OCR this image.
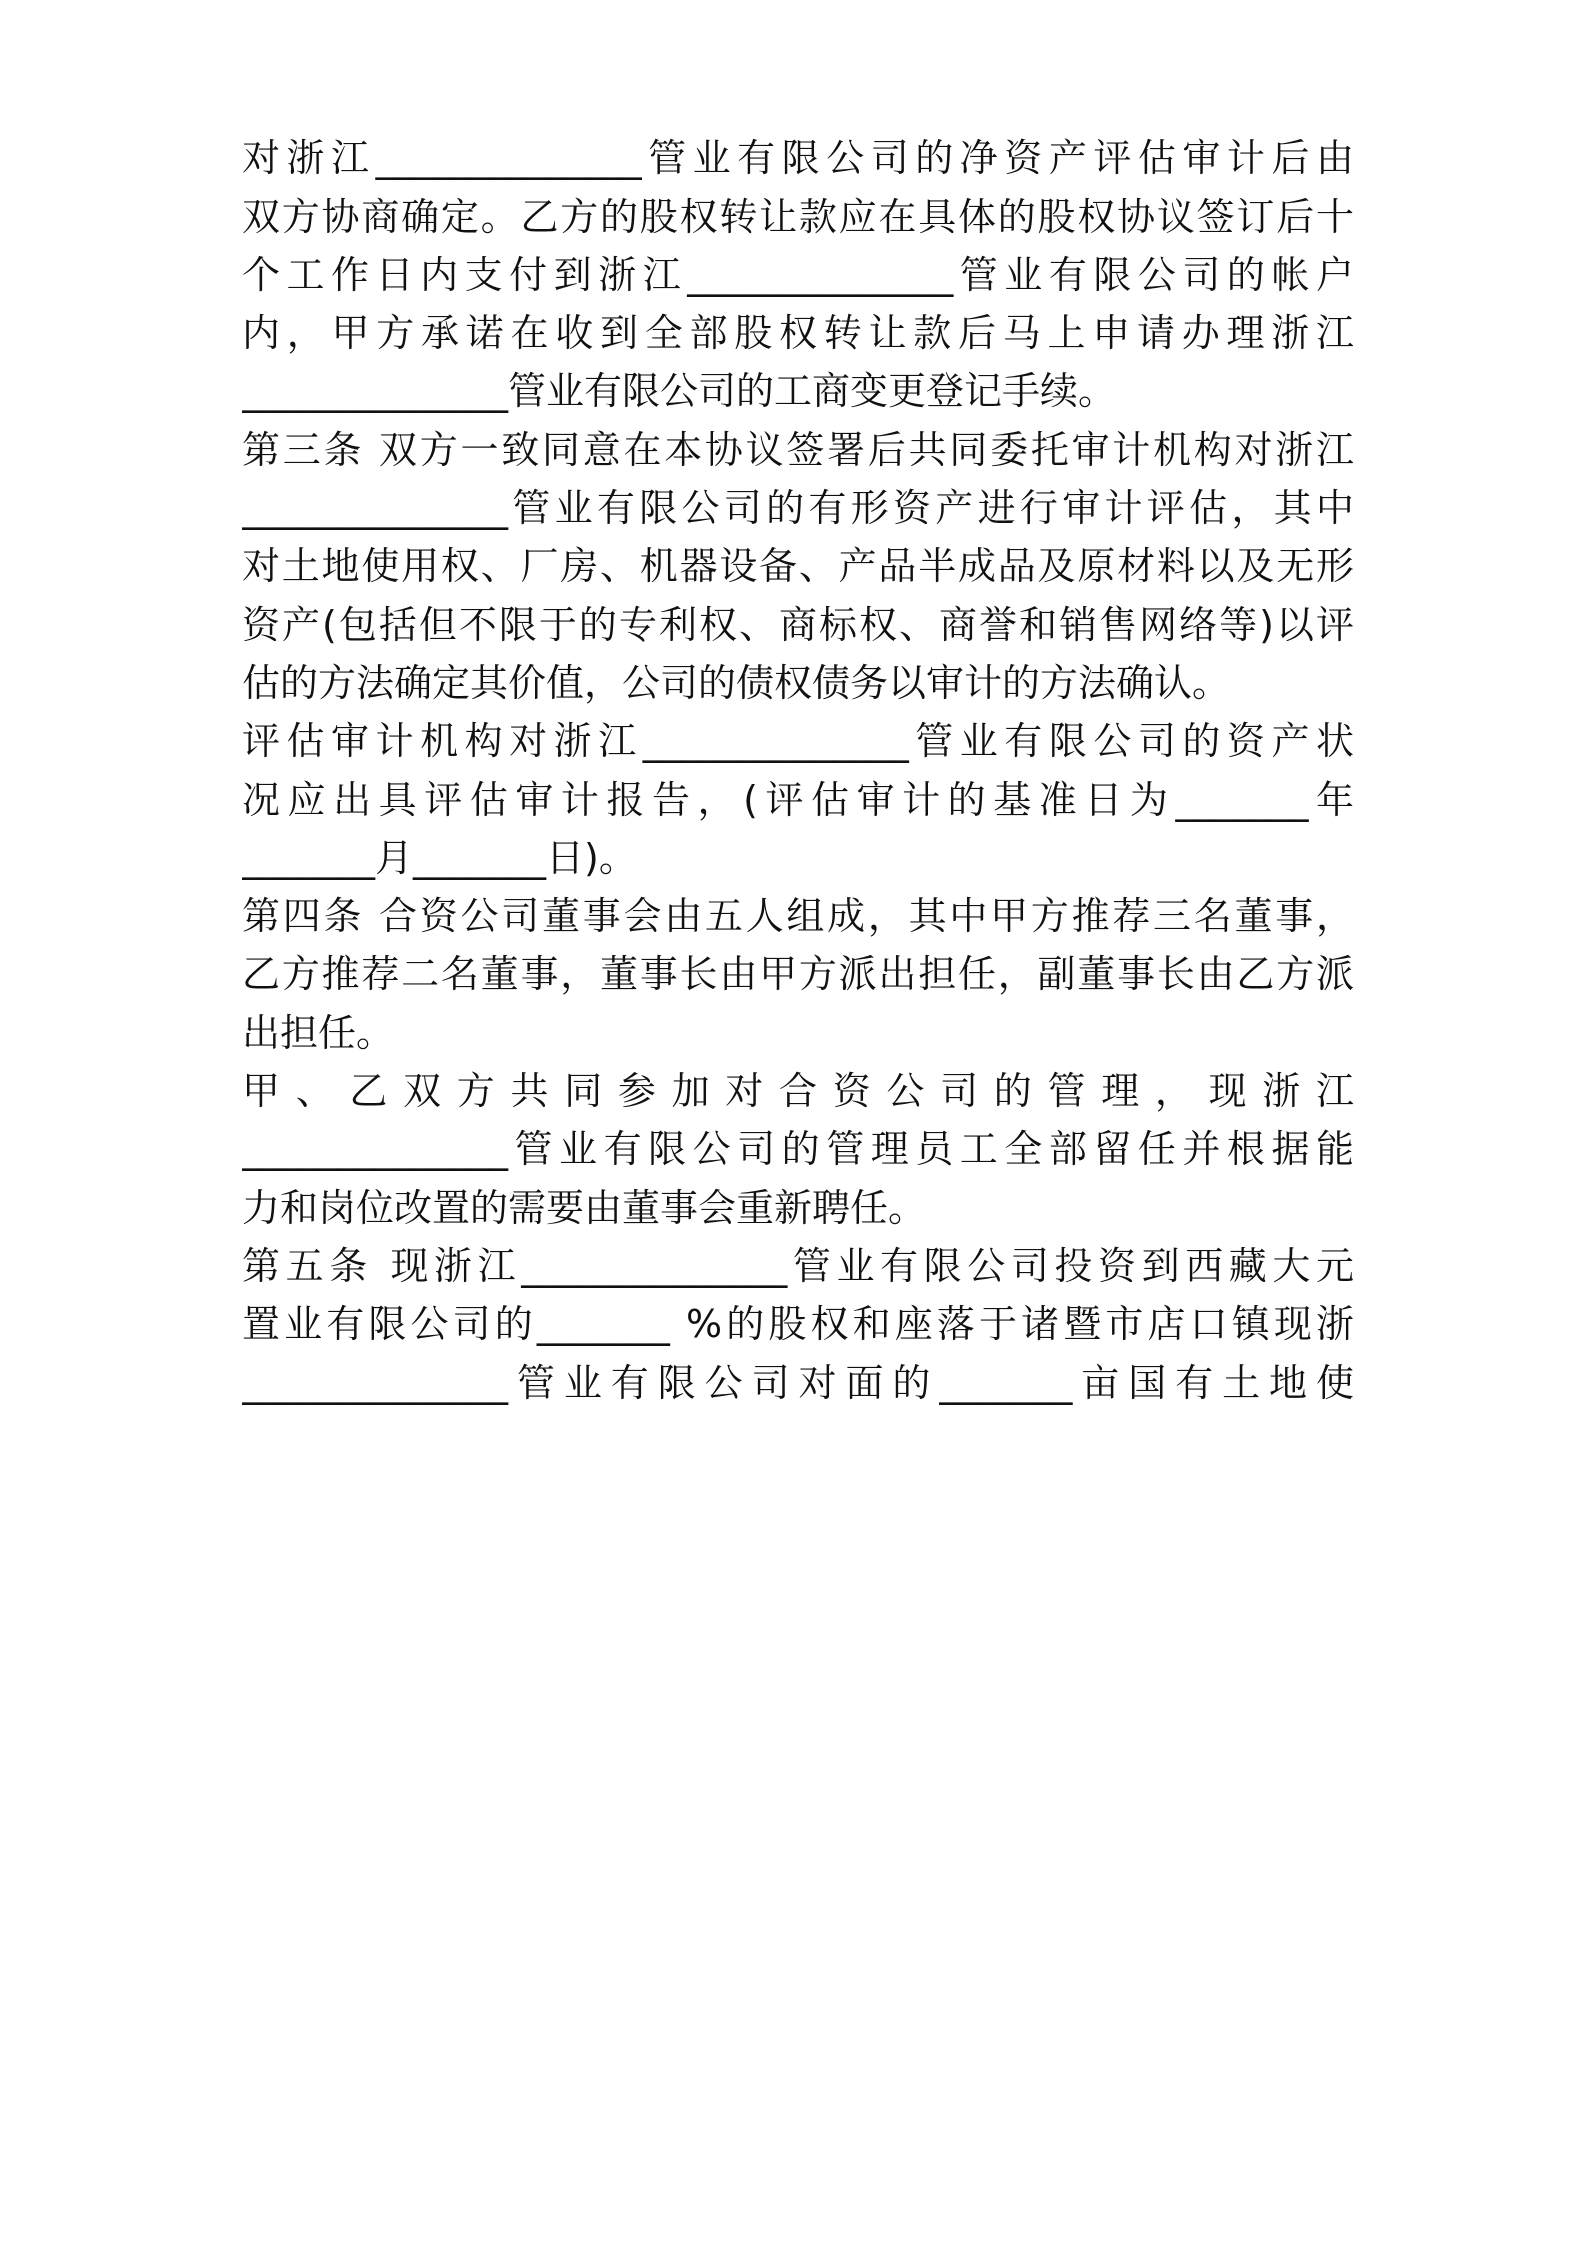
对浙江______________管业有限公司的净资产评估审计后由
双方协商确定。乙方的股权转让款应在具体的股权协议签订后十
个工作日内支付到浙江______________管业有限公司的帐户
内，甲方承诺在收到全部股权转让款后马上申请办理浙江
______________管业有限公司的工商变更登记手续。
第三条 双方一致同意在本协议签署后共同委托审计机构对浙江
______________管业有限公司的有形资产进行审计评估，其中
对土地使用权、厂房、机器设备、产品半成品及原材料以及无形
资产(包括但不限于的专利权、商标权、商誉和销售网络等)以评
估的方法确定其价值，公司的债权债务以审计的方法确认。
评估审计机构对浙江______________管业有限公司的资产状
况应出具评估审计报告，(评估审计的基准日为_______年
_______月_______日)。
第四条 合资公司董事会由五人组成，其中甲方推荐三名董事，
乙方推荐二名董事，董事长由甲方派出担任，副董事长由乙方派
出担任。
甲、乙双方共同参加对合资公司的管理，现浙江
______________管业有限公司的管理员工全部留任并根据能
力和岗位改置的需要由董事会重新聘任。
第五条 现浙江______________管业有限公司投资到西藏大元
置业有限公司的_______ %的股权和座落于诸暨市店口镇现浙
______________管业有限公司对面的_______亩国有土地使
